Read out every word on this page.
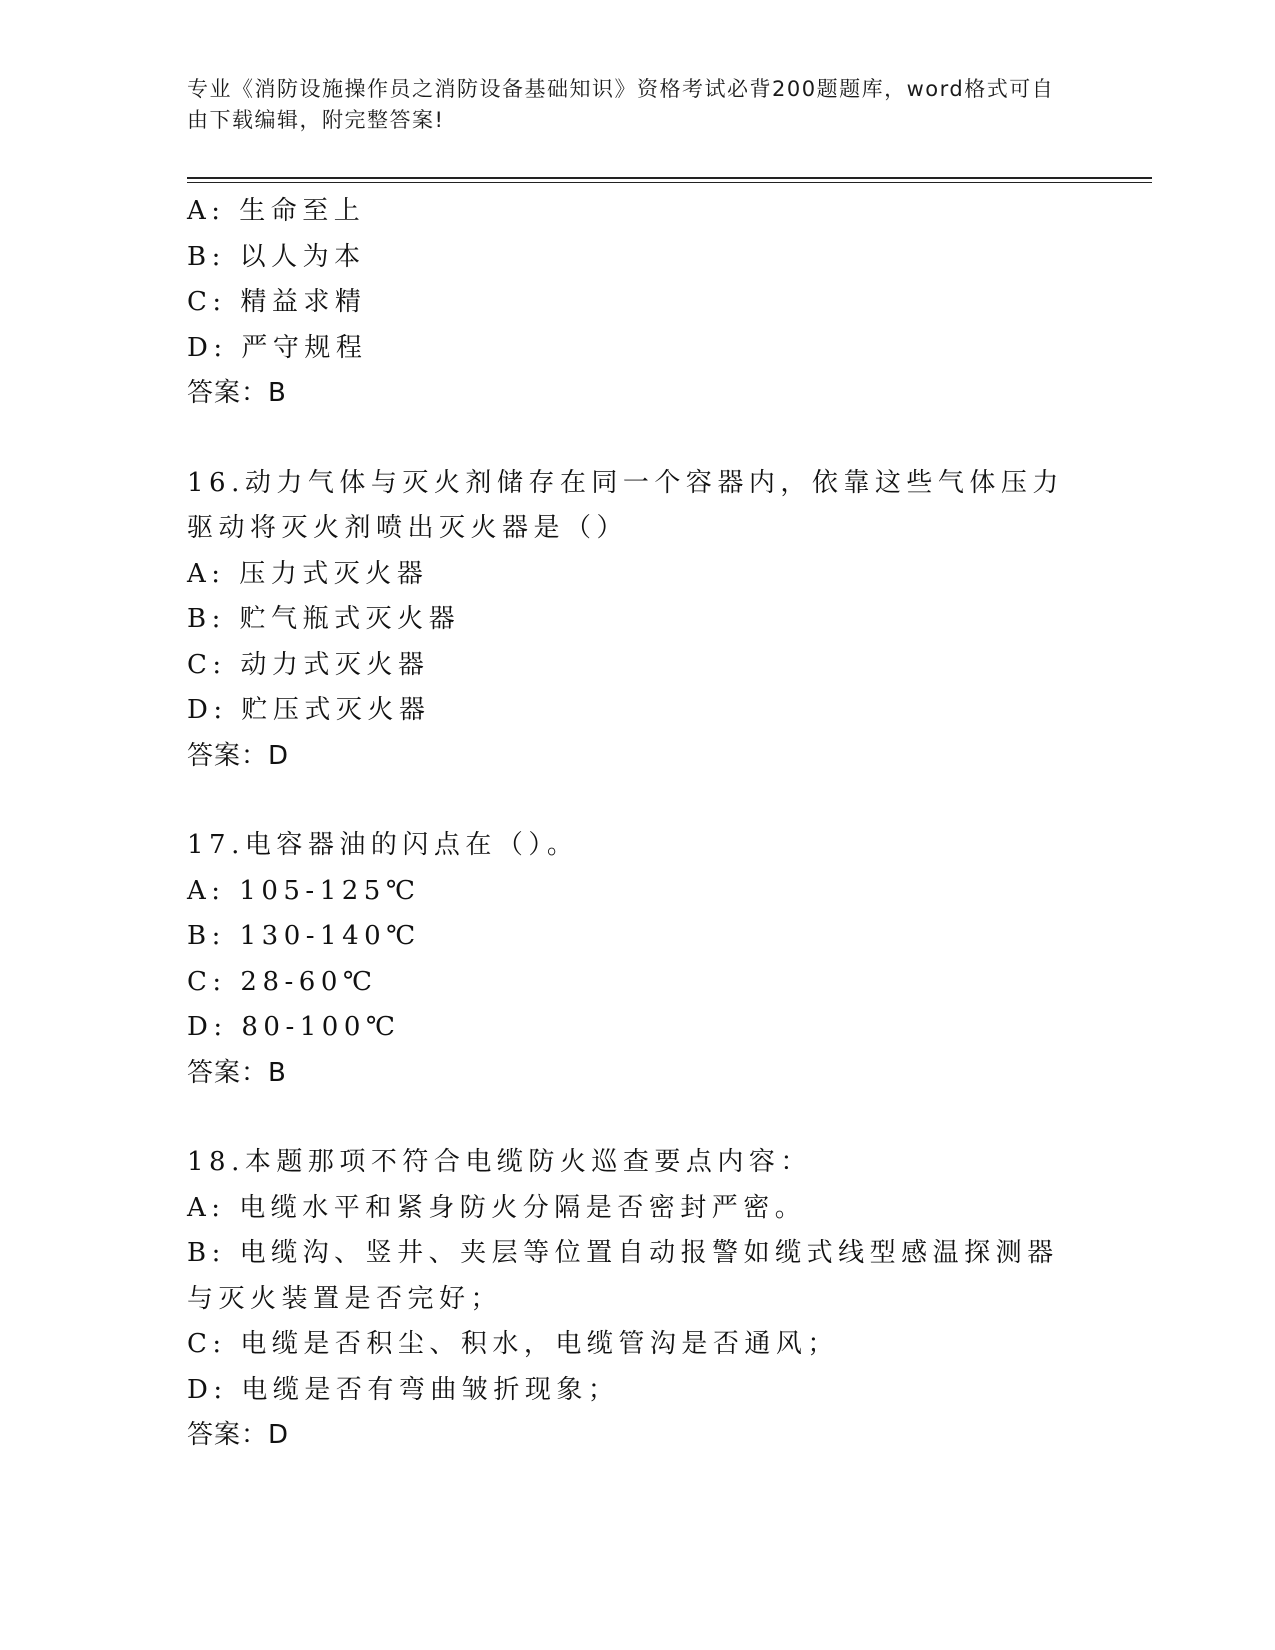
专业《消防设施操作员之消防设备基础知识》资格考试必背200题题库，word格式可自由下载编辑，附完整答案!
A: 生命至上
B: 以人为本
C: 精益求精
D: 严守规程
答案：B
16.动力气体与灭火剂储存在同一个容器内，依靠这些气体压力驱动将灭火剂喷出灭火器是（）
A: 压力式灭火器
B: 贮气瓶式灭火器
C: 动力式灭火器
D: 贮压式灭火器
答案：D
17.电容器油的闪点在（）。
A: 105-125℃
B: 130-140℃
C: 28-60℃
D: 80-100℃
答案：B
18.本题那项不符合电缆防火巡查要点内容：
A: 电缆水平和紧身防火分隔是否密封严密。
B: 电缆沟、竖井、夹层等位置自动报警如缆式线型感温探测器与灭火装置是否完好；
C: 电缆是否积尘、积水，电缆管沟是否通风；
D: 电缆是否有弯曲皱折现象；
答案：D
